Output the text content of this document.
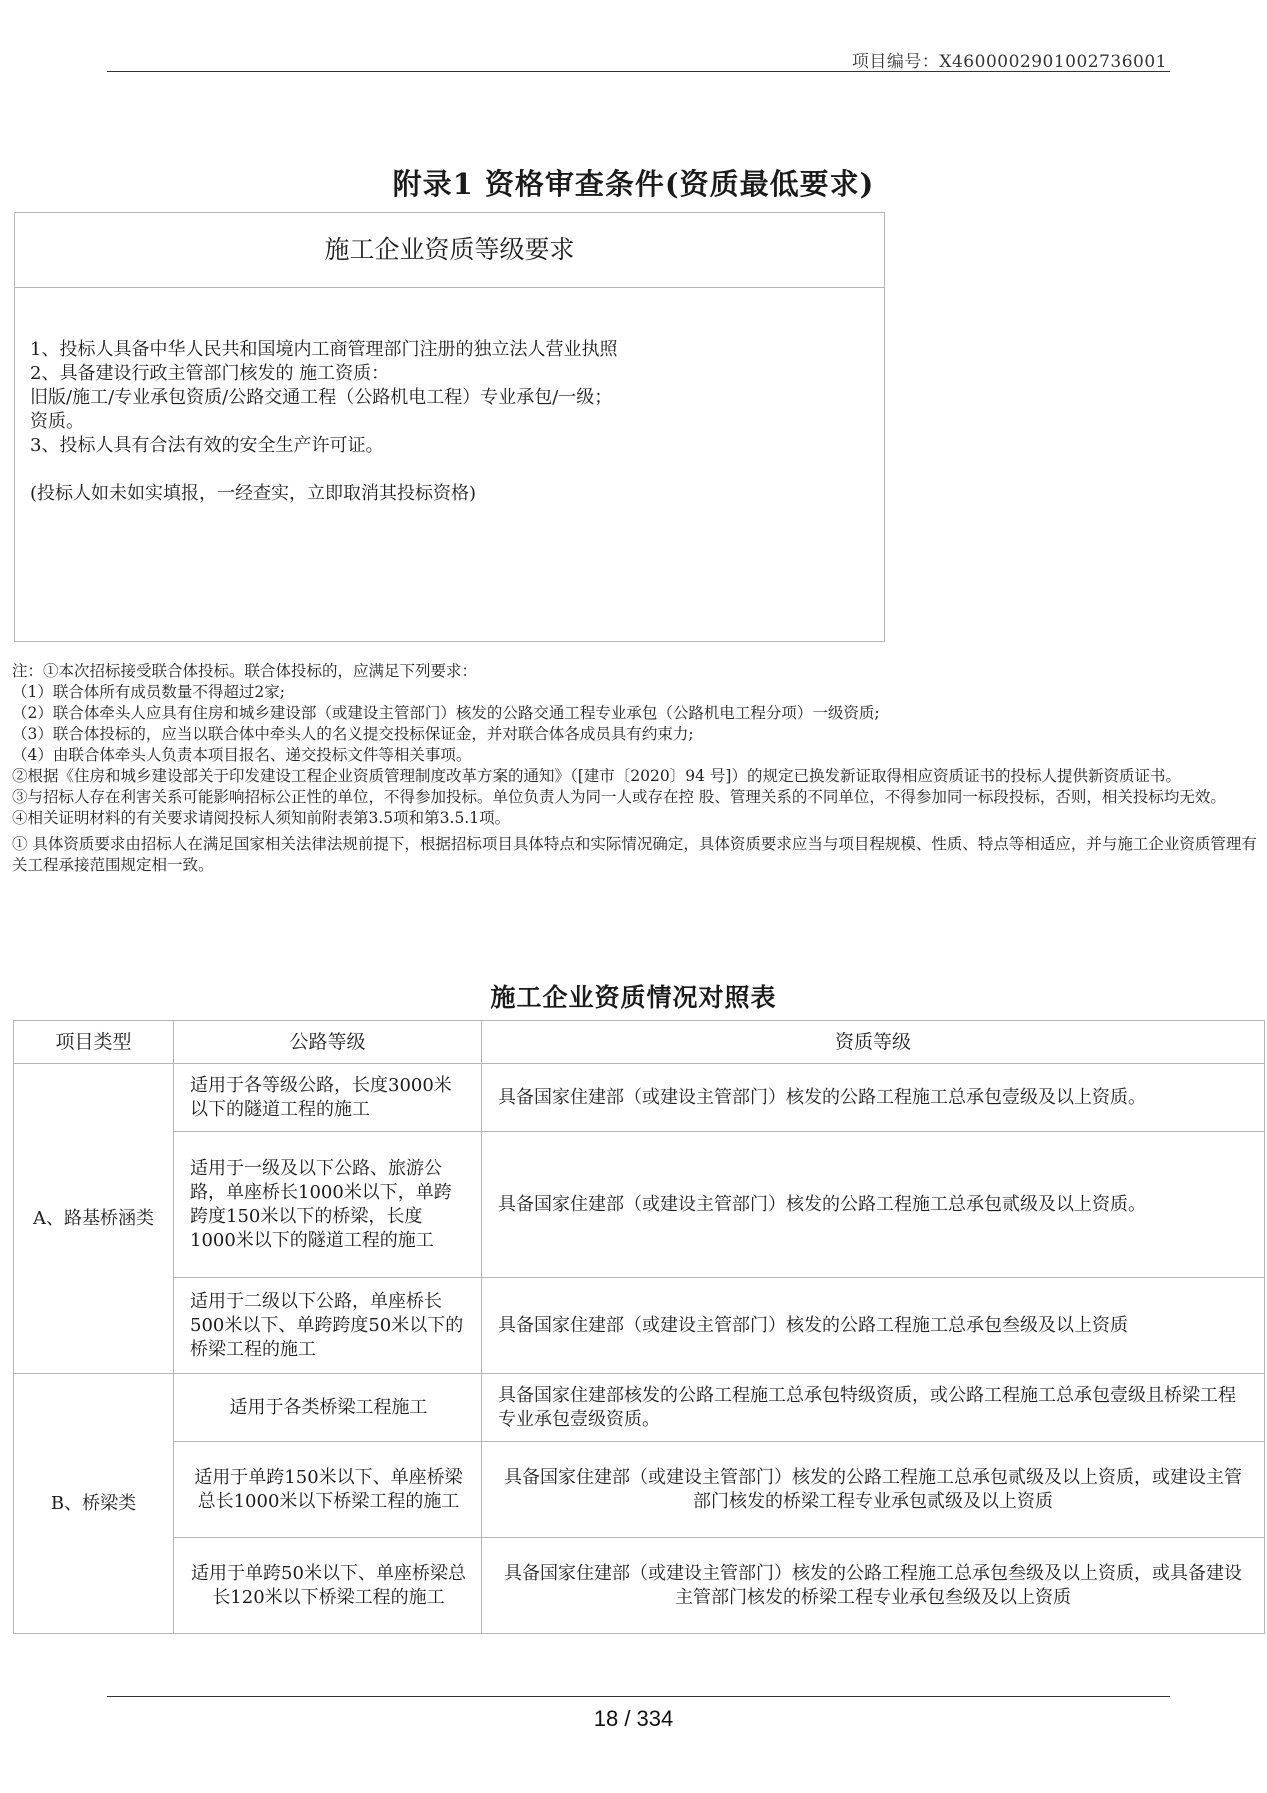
项目编号：X4600002901002736001
附录1 资格审查条件(资质最低要求)
施工企业资质等级要求
1、投标人具备中华人民共和国境内工商管理部门注册的独立法人营业执照
2、具备建设行政主管部门核发的 施工资质：
旧版/施工/专业承包资质/公路交通工程（公路机电工程）专业承包/一级；
资质。
3、投标人具有合法有效的安全生产许可证。
(投标人如未如实填报，一经查实，立即取消其投标资格)

注：①本次招标接受联合体投标。联合体投标的，应满足下列要求：

（1）联合体所有成员数量不得超过2家;

（2）联合体牵头人应具有住房和城乡建设部（或建设主管部门）核发的公路交通工程专业承包（公路机电工程分项）一级资质;

（3）联合体投标的，应当以联合体中牵头人的名义提交投标保证金，并对联合体各成员具有约束力;

（4）由联合体牵头人负责本项目报名、递交投标文件等相关事项。

②根据《住房和城乡建设部关于印发建设工程企业资质管理制度改革方案的通知》（[建市〔2020〕94 号]）的规定已换发新证取得相应资质证书的投标人提供新资质证书。

③与招标人存在利害关系可能影响招标公正性的单位，不得参加投标。单位负责人为同一人或存在控 股、管理关系的不同单位，不得参加同一标段投标，否则，相关投标均无效。

④相关证明材料的有关要求请阅投标人须知前附表第3.5项和第3.5.1项。

① 具体资质要求由招标人在满足国家相关法律法规前提下，根据招标项目具体特点和实际情况确定，具体资质要求应当与项目程规模、性质、特点等相适应，并与施工企业资质管理有关工程承接范围规定相一致。

施工企业资质情况对照表
项目类型	公路等级	资质等级
A、路基桥涵类	适用于各等级公路，长度3000米以下的隧道工程的施工	具备国家住建部（或建设主管部门）核发的公路工程施工总承包壹级及以上资质。
	适用于一级及以下公路、旅游公路，单座桥长1000米以下，单跨跨度150米以下的桥梁，长度1000米以下的隧道工程的施工	具备国家住建部（或建设主管部门）核发的公路工程施工总承包贰级及以上资质。
	适用于二级以下公路，单座桥长500米以下、单跨跨度50米以下的桥梁工程的施工	具备国家住建部（或建设主管部门）核发的公路工程施工总承包叁级及以上资质
B、桥梁类	适用于各类桥梁工程施工	具备国家住建部核发的公路工程施工总承包特级资质，或公路工程施工总承包壹级且桥梁工程专业承包壹级资质。
	适用于单跨150米以下、单座桥梁总长1000米以下桥梁工程的施工	具备国家住建部（或建设主管部门）核发的公路工程施工总承包贰级及以上资质，或建设主管部门核发的桥梁工程专业承包贰级及以上资质
	适用于单跨50米以下、单座桥梁总长120米以下桥梁工程的施工	具备国家住建部（或建设主管部门）核发的公路工程施工总承包叁级及以上资质，或具备建设主管部门核发的桥梁工程专业承包叁级及以上资质
18 / 334
